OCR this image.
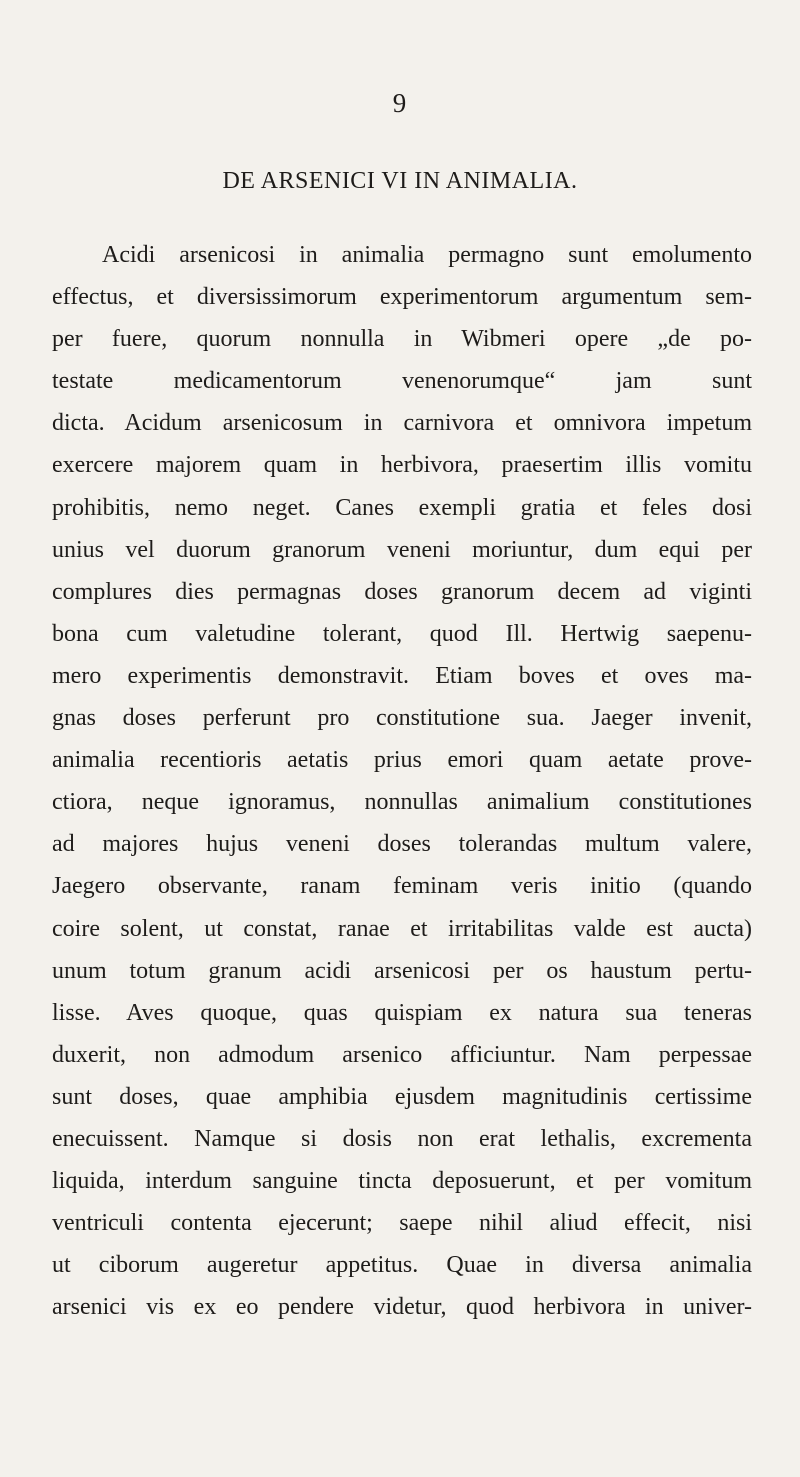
9
DE ARSENICI VI IN ANIMALIA.
Acidi arsenicosi in animalia permagno sunt emolumento
effectus, et diversissimorum experimentorum argumentum sem-
per fuere, quorum nonnulla in Wibmeri opere „de po-
testate medicamentorum venenorumque“ jam sunt
dicta. Acidum arsenicosum in carnivora et omnivora impetum
exercere majorem quam in herbivora, praesertim illis vomitu
prohibitis, nemo neget. Canes exempli gratia et feles dosi
unius vel duorum granorum veneni moriuntur, dum equi per
complures dies permagnas doses granorum decem ad viginti
bona cum valetudine tolerant, quod Ill. Hertwig saepenu-
mero experimentis demonstravit. Etiam boves et oves ma-
gnas doses perferunt pro constitutione sua. Jaeger invenit,
animalia recentioris aetatis prius emori quam aetate prove-
ctiora, neque ignoramus, nonnullas animalium constitutiones
ad majores hujus veneni doses tolerandas multum valere,
Jaegero observante, ranam feminam veris initio (quando
coire solent, ut constat, ranae et irritabilitas valde est aucta)
unum totum granum acidi arsenicosi per os haustum pertu-
lisse. Aves quoque, quas quispiam ex natura sua teneras
duxerit, non admodum arsenico afficiuntur. Nam perpessae
sunt doses, quae amphibia ejusdem magnitudinis certissime
enecuissent. Namque si dosis non erat lethalis, excrementa
liquida, interdum sanguine tincta deposuerunt, et per vomitum
ventriculi contenta ejecerunt; saepe nihil aliud effecit, nisi
ut ciborum augeretur appetitus. Quae in diversa animalia
arsenici vis ex eo pendere videtur, quod herbivora in univer-
